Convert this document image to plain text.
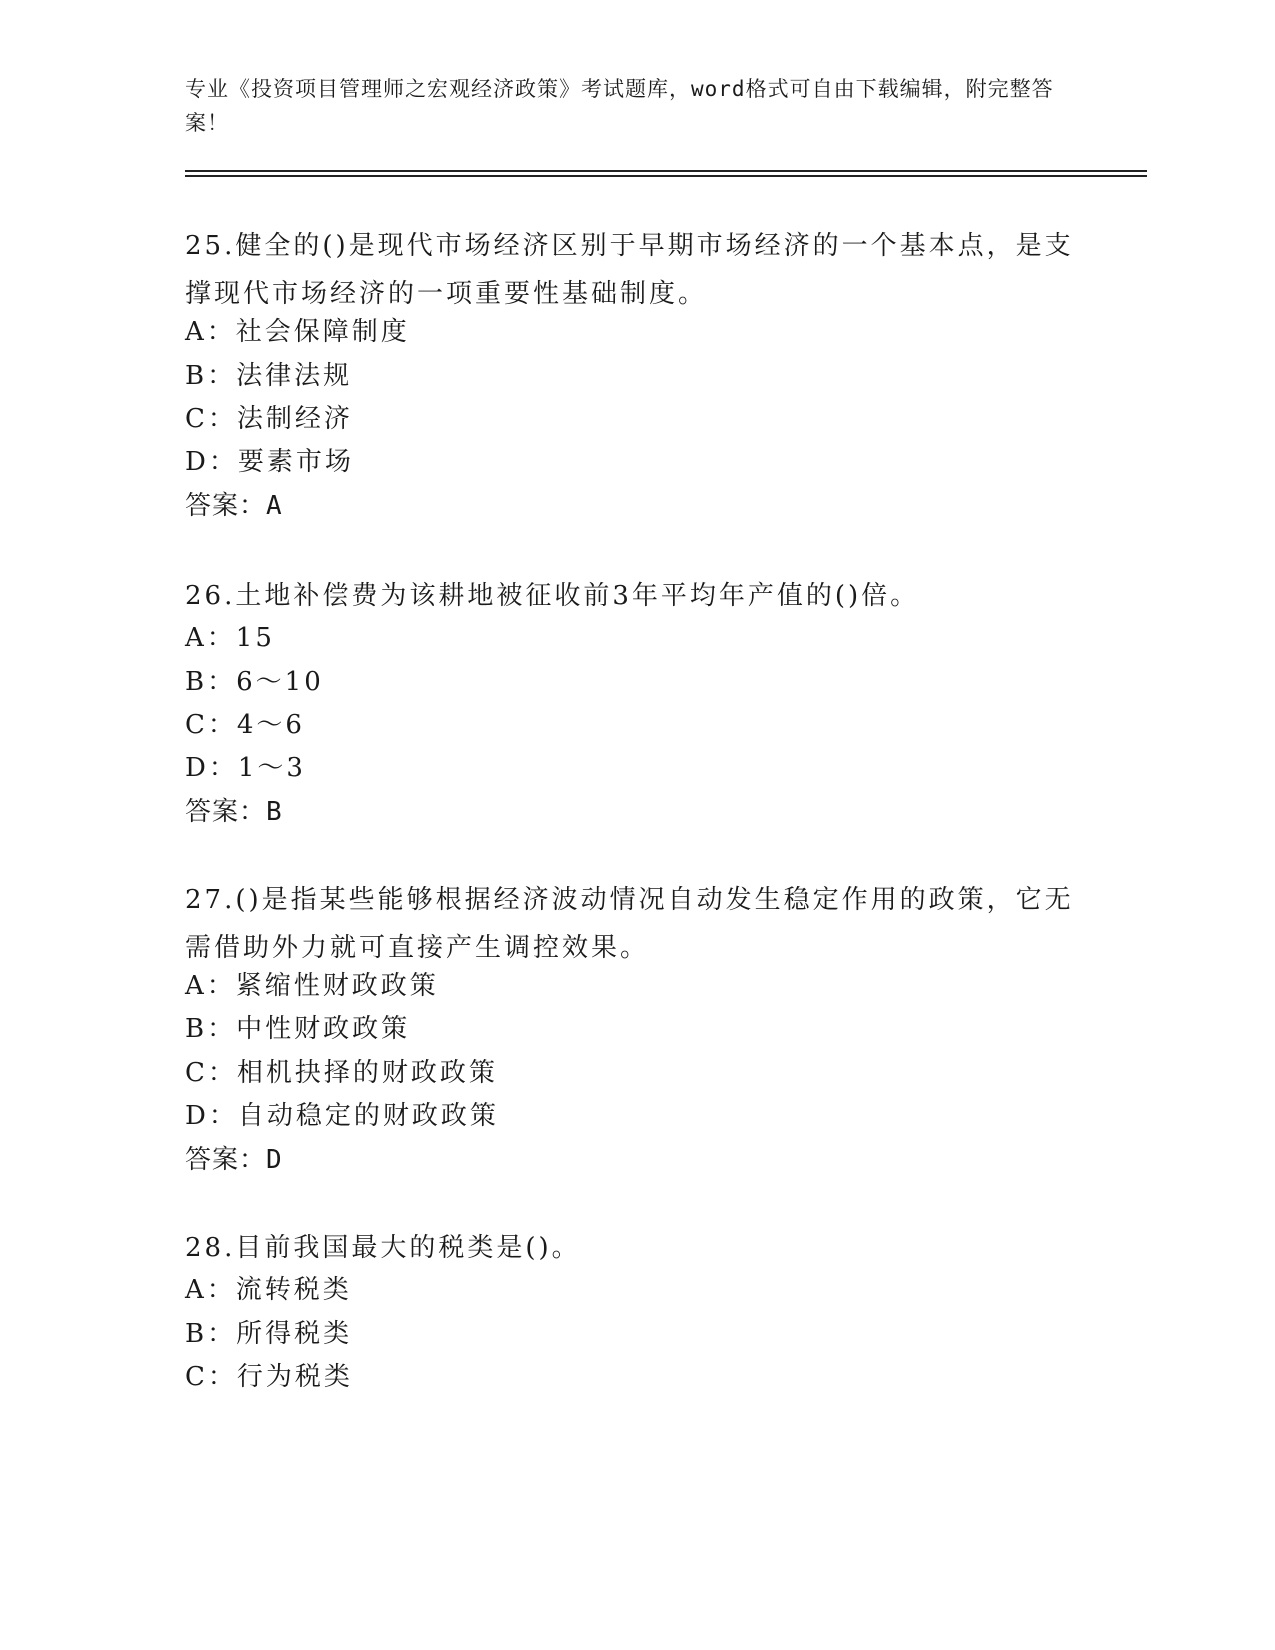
专业《投资项目管理师之宏观经济政策》考试题库，word格式可自由下载编辑，附完整答案！
25.健全的()是现代市场经济区别于早期市场经济的一个基本点，是支撑现代市场经济的一项重要性基础制度。
A：社会保障制度
B：法律法规
C：法制经济
D：要素市场
答案：A
26.土地补偿费为该耕地被征收前3年平均年产值的()倍。
A：15
B：6～10
C：4～6
D：1～3
答案：B
27.()是指某些能够根据经济波动情况自动发生稳定作用的政策，它无需借助外力就可直接产生调控效果。
A：紧缩性财政政策
B：中性财政政策
C：相机抉择的财政政策
D：自动稳定的财政政策
答案：D
28.目前我国最大的税类是()。
A：流转税类
B：所得税类
C：行为税类
